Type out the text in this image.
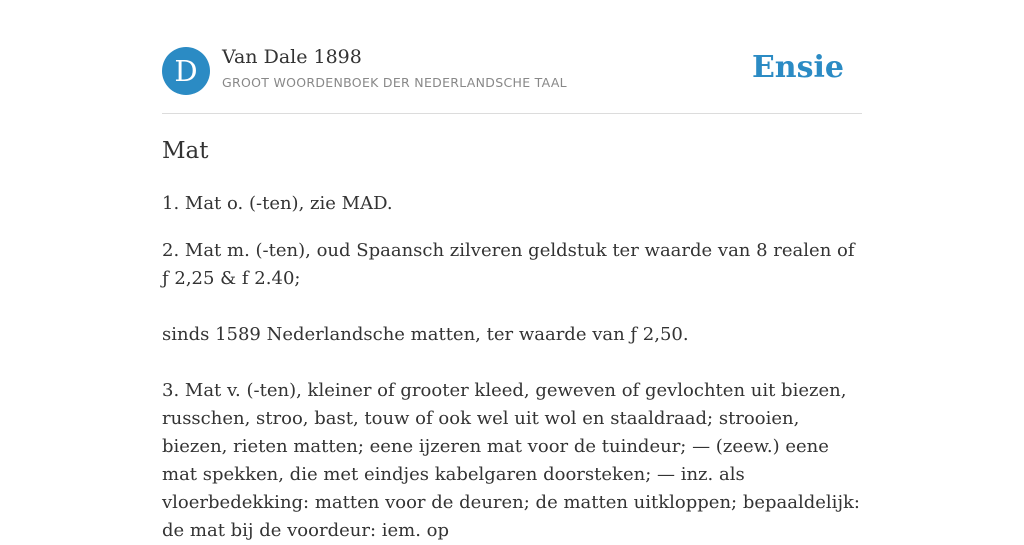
D	Van Dale 1898
GROOT WOORDENBOEK DER NEDERLANDSCHE TAAL	Ensie
Mat

1. Mat o. (-ten), zie MAD.

2. Mat m. (-ten), oud Spaansch zilveren geldstuk ter waarde van 8 realen of ƒ 2,25 & f 2.40;

sinds 1589 Nederlandsche matten, ter waarde van ƒ 2,50.

3. Mat v. (-ten), kleiner of grooter kleed, geweven of gevlochten uit biezen, russchen, stroo, bast, touw of ook wel uit wol en staaldraad; strooien, biezen, rieten matten; eene ijzeren mat voor de tuindeur; — (zeew.) eene mat spekken, die met eindjes kabelgaren doorsteken; — inz. als vloerbedekking: matten voor de deuren; de matten uitkloppen; bepaaldelijk: de mat bij de voordeur: iem. op
